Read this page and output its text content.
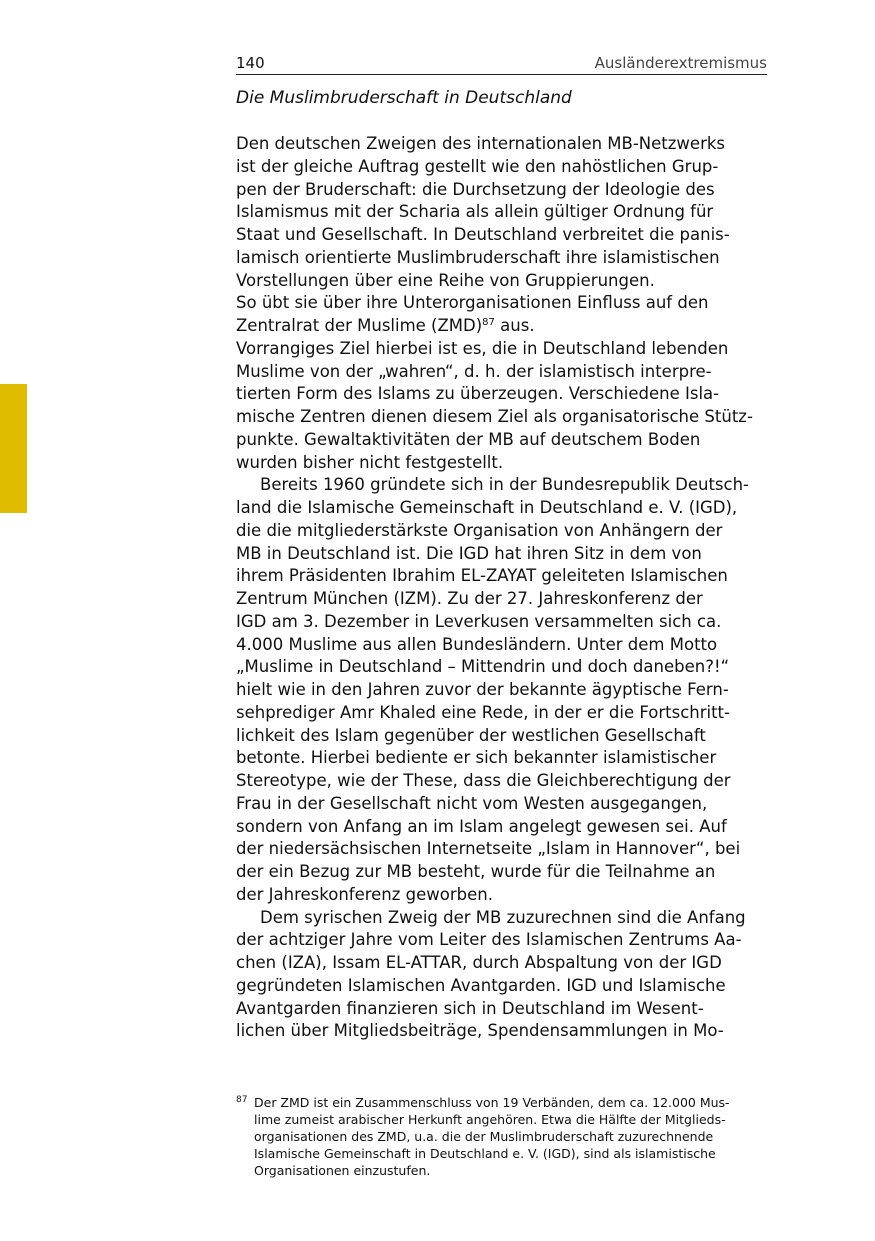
140	Ausländerextremismus
Die Muslimbruderschaft in Deutschland
Den deutschen Zweigen des internationalen MB-Netzwerks
ist der gleiche Auftrag gestellt wie den nahöstlichen Grup-
pen der Bruderschaft: die Durchsetzung der Ideologie des
Islamismus mit der Scharia als allein gültiger Ordnung für
Staat und Gesellschaft. In Deutschland verbreitet die panis-
lamisch orientierte Muslimbruderschaft ihre islamistischen
Vorstellungen über eine Reihe von Gruppierungen.
So übt sie über ihre Unterorganisationen Einfluss auf den
Zentralrat der Muslime (ZMD)$^{87}$ aus.
Vorrangiges Ziel hierbei ist es, die in Deutschland lebenden
Muslime von der „wahren“, d. h. der islamistisch interpre-
tierten Form des Islams zu überzeugen. Verschiedene Isla-
mische Zentren dienen diesem Ziel als organisatorische Stütz-
punkte. Gewaltaktivitäten der MB auf deutschem Boden
wurden bisher nicht festgestellt.
Bereits 1960 gründete sich in der Bundesrepublik Deutsch-
land die Islamische Gemeinschaft in Deutschland e. V. (IGD),
die die mitgliederstärkste Organisation von Anhängern der
MB in Deutschland ist. Die IGD hat ihren Sitz in dem von
ihrem Präsidenten Ibrahim EL-ZAYAT geleiteten Islamischen
Zentrum München (IZM). Zu der 27. Jahreskonferenz der
IGD am 3. Dezember in Leverkusen versammelten sich ca.
4.000 Muslime aus allen Bundesländern. Unter dem Motto
„Muslime in Deutschland – Mittendrin und doch daneben?!“
hielt wie in den Jahren zuvor der bekannte ägyptische Fern-
sehprediger Amr Khaled eine Rede, in der er die Fortschritt-
lichkeit des Islam gegenüber der westlichen Gesellschaft
betonte. Hierbei bediente er sich bekannter islamistischer
Stereotype, wie der These, dass die Gleichberechtigung der
Frau in der Gesellschaft nicht vom Westen ausgegangen,
sondern von Anfang an im Islam angelegt gewesen sei. Auf
der niedersächsischen Internetseite „Islam in Hannover“, bei
der ein Bezug zur MB besteht, wurde für die Teilnahme an
der Jahreskonferenz geworben.
Dem syrischen Zweig der MB zuzurechnen sind die Anfang
der achtziger Jahre vom Leiter des Islamischen Zentrums Aa-
chen (IZA), Issam EL-ATTAR, durch Abspaltung von der IGD
gegründeten Islamischen Avantgarden. IGD und Islamische
Avantgarden finanzieren sich in Deutschland im Wesent-
lichen über Mitgliedsbeiträge, Spendensammlungen in Mo-
87 Der ZMD ist ein Zusammenschluss von 19 Verbänden, dem ca. 12.000 Mus-
lime zumeist arabischer Herkunft angehören. Etwa die Hälfte der Mitglieds-
organisationen des ZMD, u.a. die der Muslimbruderschaft zuzurechnende
Islamische Gemeinschaft in Deutschland e. V. (IGD), sind als islamistische
Organisationen einzustufen.
